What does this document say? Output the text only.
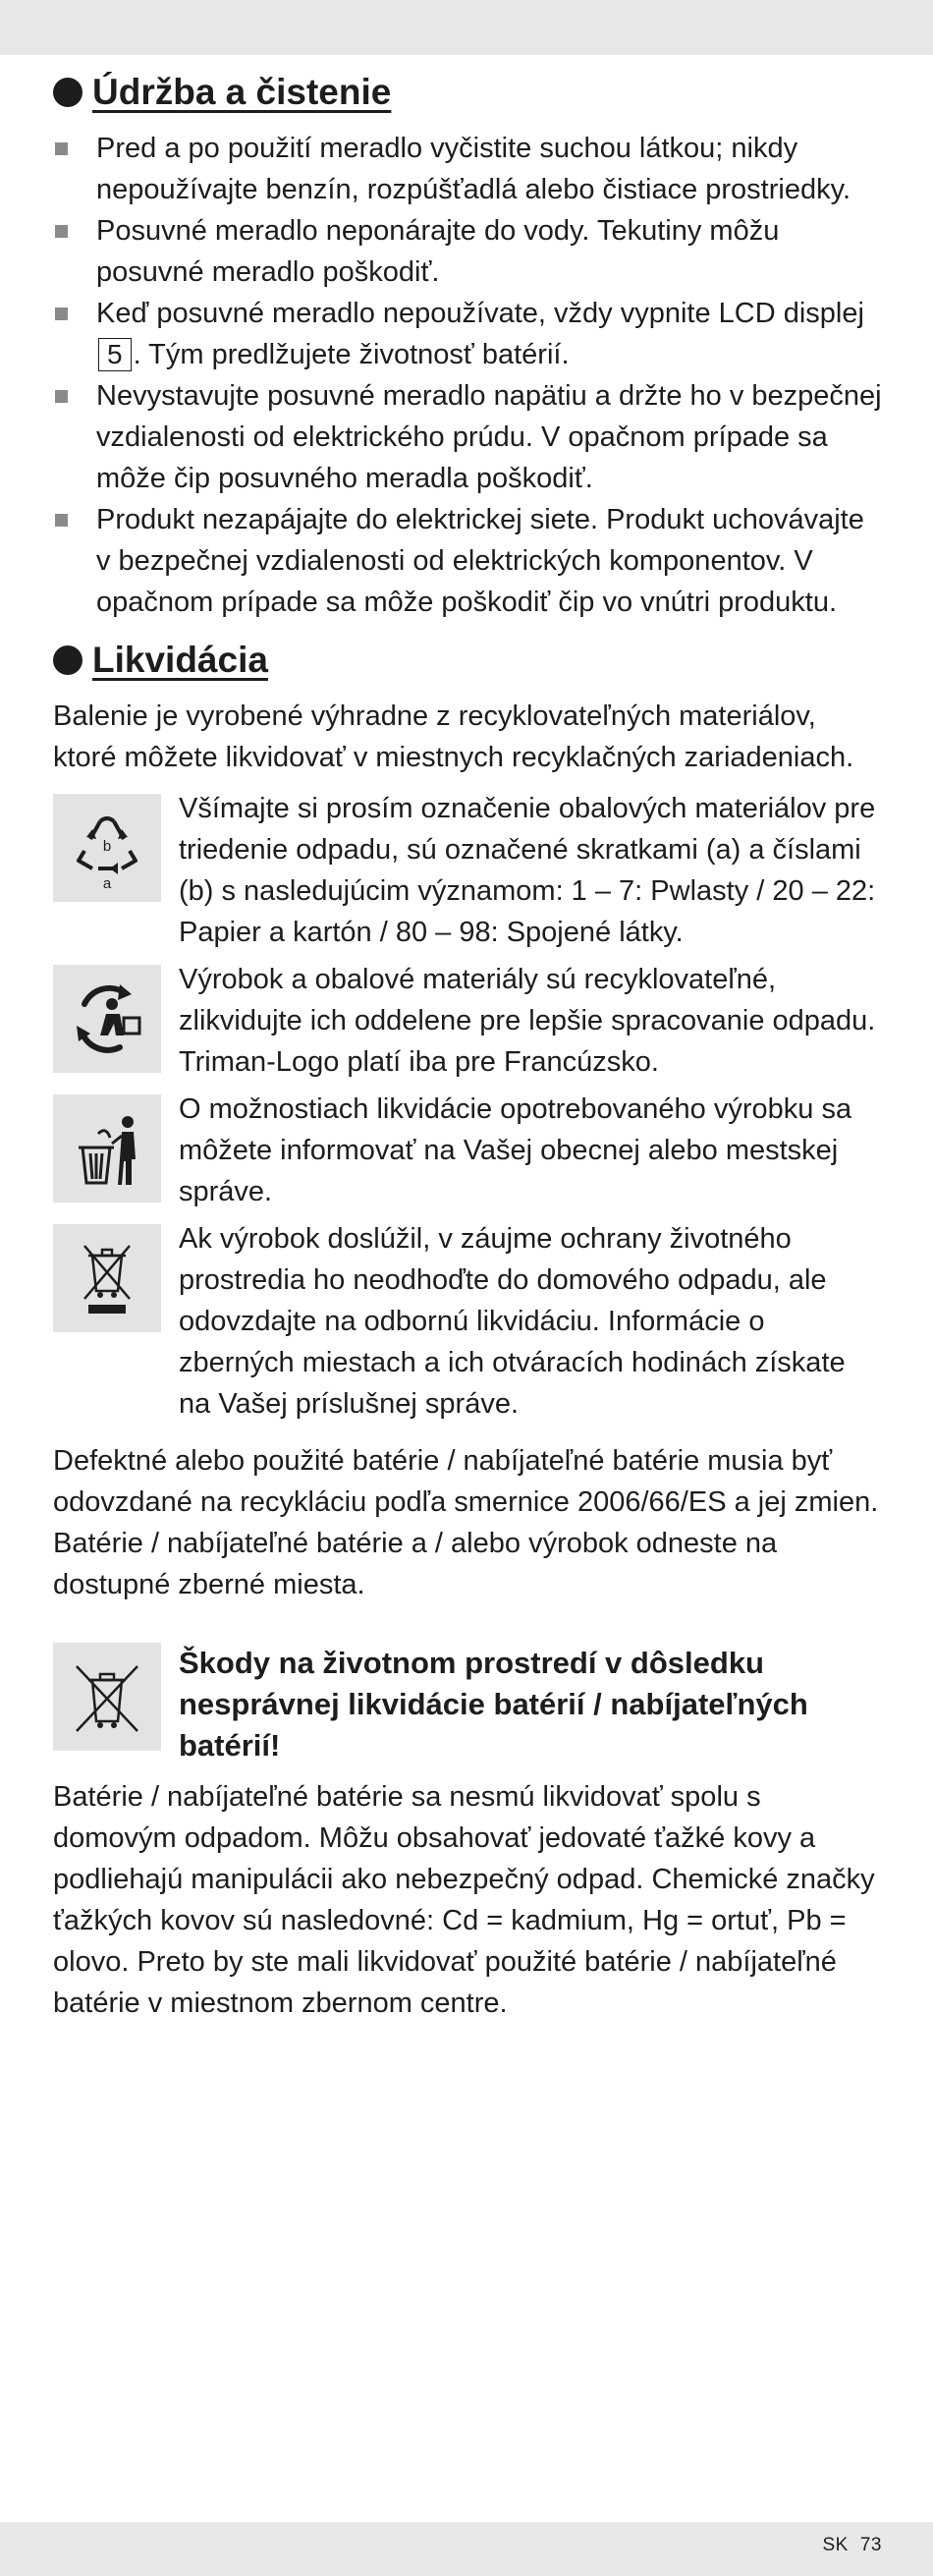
Údržba a čistenie
Pred a po použití meradlo vyčistite suchou látkou; nikdy nepoužívajte benzín, rozpúšťadlá alebo čistiace prostriedky.
Posuvné meradlo neponárajte do vody. Tekutiny môžu posuvné meradlo poškodiť.
Keď posuvné meradlo nepoužívate, vždy vypnite LCD displej 5 . Tým predlžujete životnosť batérií.
Nevystavujte posuvné meradlo napätiu a držte ho v bezpečnej vzdialenosti od elektrického prúdu. V opačnom prípade sa môže čip posuvného meradla poškodiť.
Produkt nezapájajte do elektrickej siete. Produkt uchovávajte v bezpečnej vzdialenosti od elektrických komponentov. V opačnom prípade sa môže poškodiť čip vo vnútri produktu.
Likvidácia

Balenie je vyrobené výhradne z recyklovateľných materiálov, ktoré môžete likvidovať v miestnych recyklačných zariadeniach.

b
a
Všímajte si prosím označenie obalových materiálov pre triedenie odpadu, sú označené skratkami (a) a číslami (b) s nasledujúcim významom: 1 – 7: Pwlasty / 20 – 22: Papier a kartón / 80 – 98: Spojené látky.
Výrobok a obalové materiály sú recyklovateľné, zlikvidujte ich oddelene pre lepšie spracovanie odpadu. Triman-Logo platí iba pre Francúzsko.
O možnostiach likvidácie opotrebovaného výrobku sa môžete informovať na Vašej obecnej alebo mestskej správe.
Ak výrobok doslúžil, v záujme ochrany životného prostredia ho neodhoďte do domového odpadu, ale odovzdajte na odbornú likvidáciu. Informácie o zberných miestach a ich otváracích hodinách získate na Vašej príslušnej správe.

Defektné alebo použité batérie / nabíjateľné batérie musia byť odovzdané na recykláciu podľa smernice 2006/66/ES a jej zmien. Batérie / nabíjateľné batérie a / alebo výrobok odneste na dostupné zberné miesta.

Škody na životnom prostredí v dôsledku nesprávnej likvidácie batérií / nabíjateľných batérií!

Batérie / nabíjateľné batérie sa nesmú likvidovať spolu s domovým odpadom. Môžu obsahovať jedovaté ťažké kovy a podliehajú manipulácii ako nebezpečný odpad. Chemické značky ťažkých kovov sú nasledovné: Cd = kadmium, Hg = ortuť, Pb = olovo. Preto by ste mali likvidovať použité batérie / nabíjateľné batérie v miestnom zbernom centre.

SK 73
